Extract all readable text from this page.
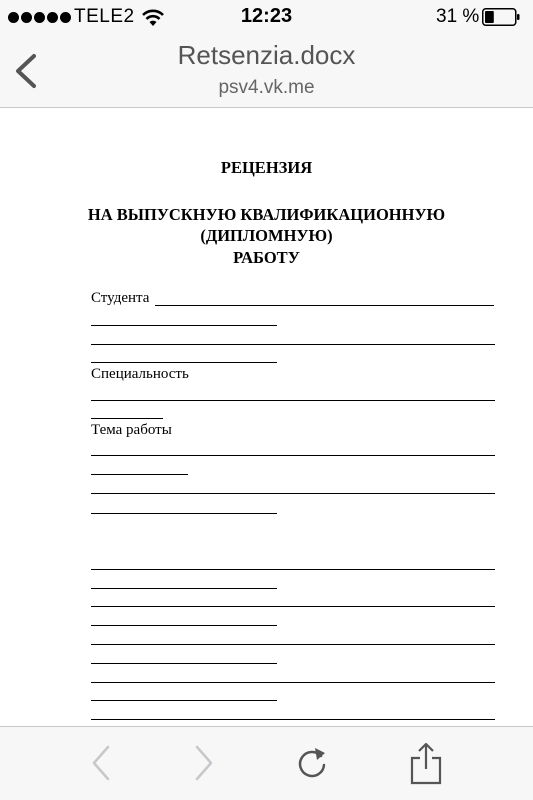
TELE2	12:23	31 %
Retsenzia.docx
psv4.vk.me
РЕЦЕНЗИЯ
НА ВЫПУСКНУЮ КВАЛИФИКАЦИОННУЮ
(ДИПЛОМНУЮ)
РАБОТУ
Студента
Специальность
Тема работы
